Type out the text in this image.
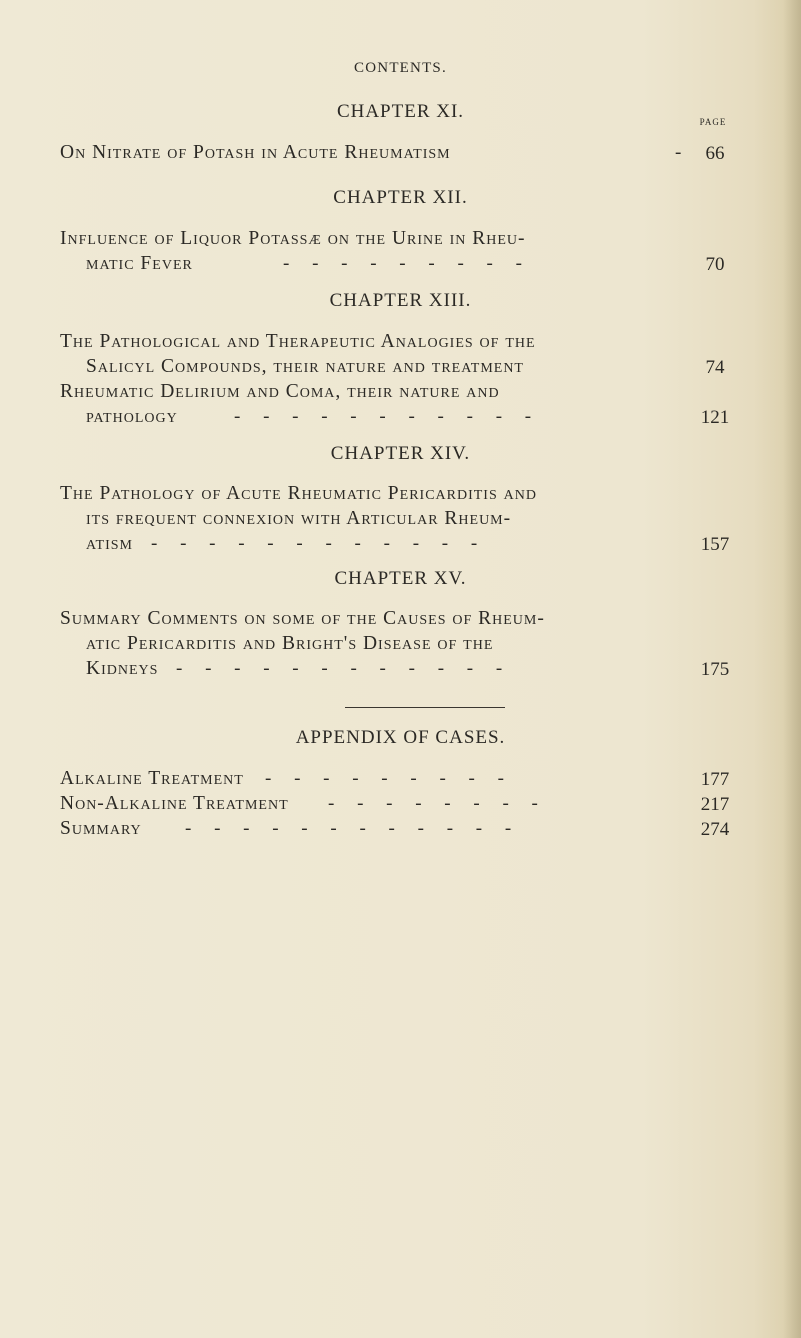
CONTENTS.
PAGE
CHAPTER XI.
On Nitrate of Potash in Acute Rheumatism	- 66
CHAPTER XII.
Influence of Liquor Potassæ on the Urine in Rheu-
matic Fever	- - - - - - - - -	70
CHAPTER XIII.
The Pathological and Therapeutic Analogies of the
Salicyl Compounds, their nature and treatment	74
Rheumatic Delirium and Coma, their nature and
pathology	- - - - - - - - - - -	121
CHAPTER XIV.
The Pathology of Acute Rheumatic Pericarditis and
its frequent connexion with Articular Rheum-
atism - - - - - - - - - - - -	157
CHAPTER XV.
Summary Comments on some of the Causes of Rheum-
atic Pericarditis and Bright's Disease of the
Kidneys - - - - - - - - - - - -	175
APPENDIX OF CASES.
Alkaline Treatment - - - - - - - - -	177
Non-Alkaline Treatment - - - - - - - -	217
Summary - - - - - - - - - - - -	274
